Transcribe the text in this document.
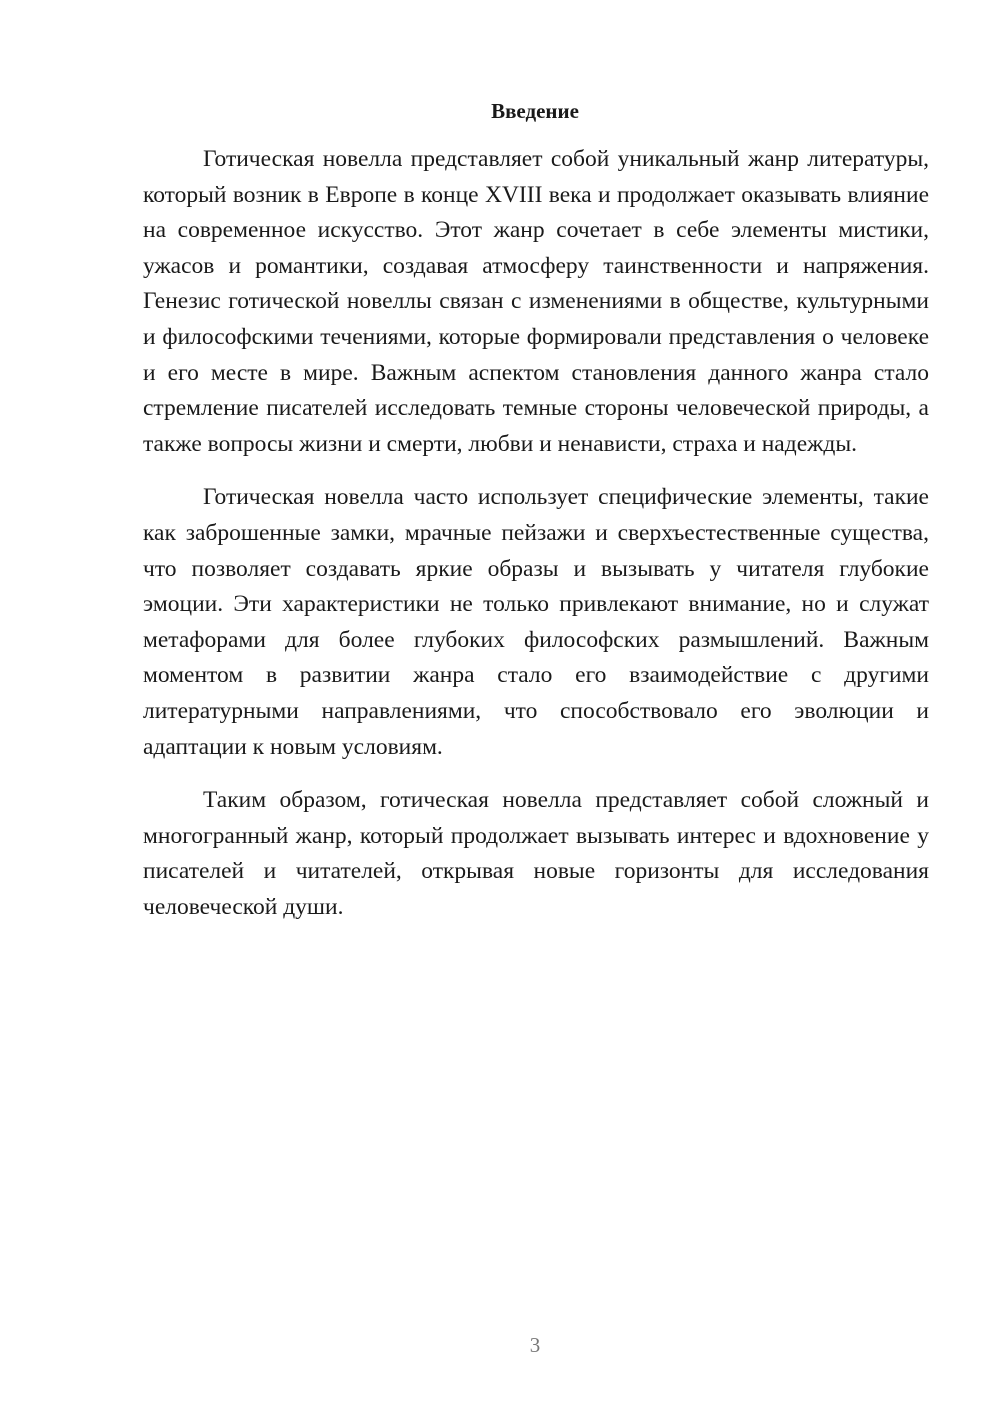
Введение

Готическая новелла представляет собой уникальный жанр литературы, который возник в Европе в конце XVIII века и продолжает оказывать влияние на современное искусство. Этот жанр сочетает в себе элементы мистики, ужасов и романтики, создавая атмосферу таинственности и напряжения. Генезис готической новеллы связан с изменениями в обществе, культурными и философскими течениями, которые формировали представления о человеке и его месте в мире. Важным аспектом становления данного жанра стало стремление писателей исследовать темные стороны человеческой природы, а также вопросы жизни и смерти, любви и ненависти, страха и надежды.

Готическая новелла часто использует специфические элементы, такие как заброшенные замки, мрачные пейзажи и сверхъестественные существа, что позволяет создавать яркие образы и вызывать у читателя глубокие эмоции. Эти характеристики не только привлекают внимание, но и служат метафорами для более глубоких философских размышлений. Важным моментом в развитии жанра стало его взаимодействие с другими литературными направлениями, что способствовало его эволюции и адаптации к новым условиям.

Таким образом, готическая новелла представляет собой сложный и многогранный жанр, который продолжает вызывать интерес и вдохновение у писателей и читателей, открывая новые горизонты для исследования человеческой души.

3
